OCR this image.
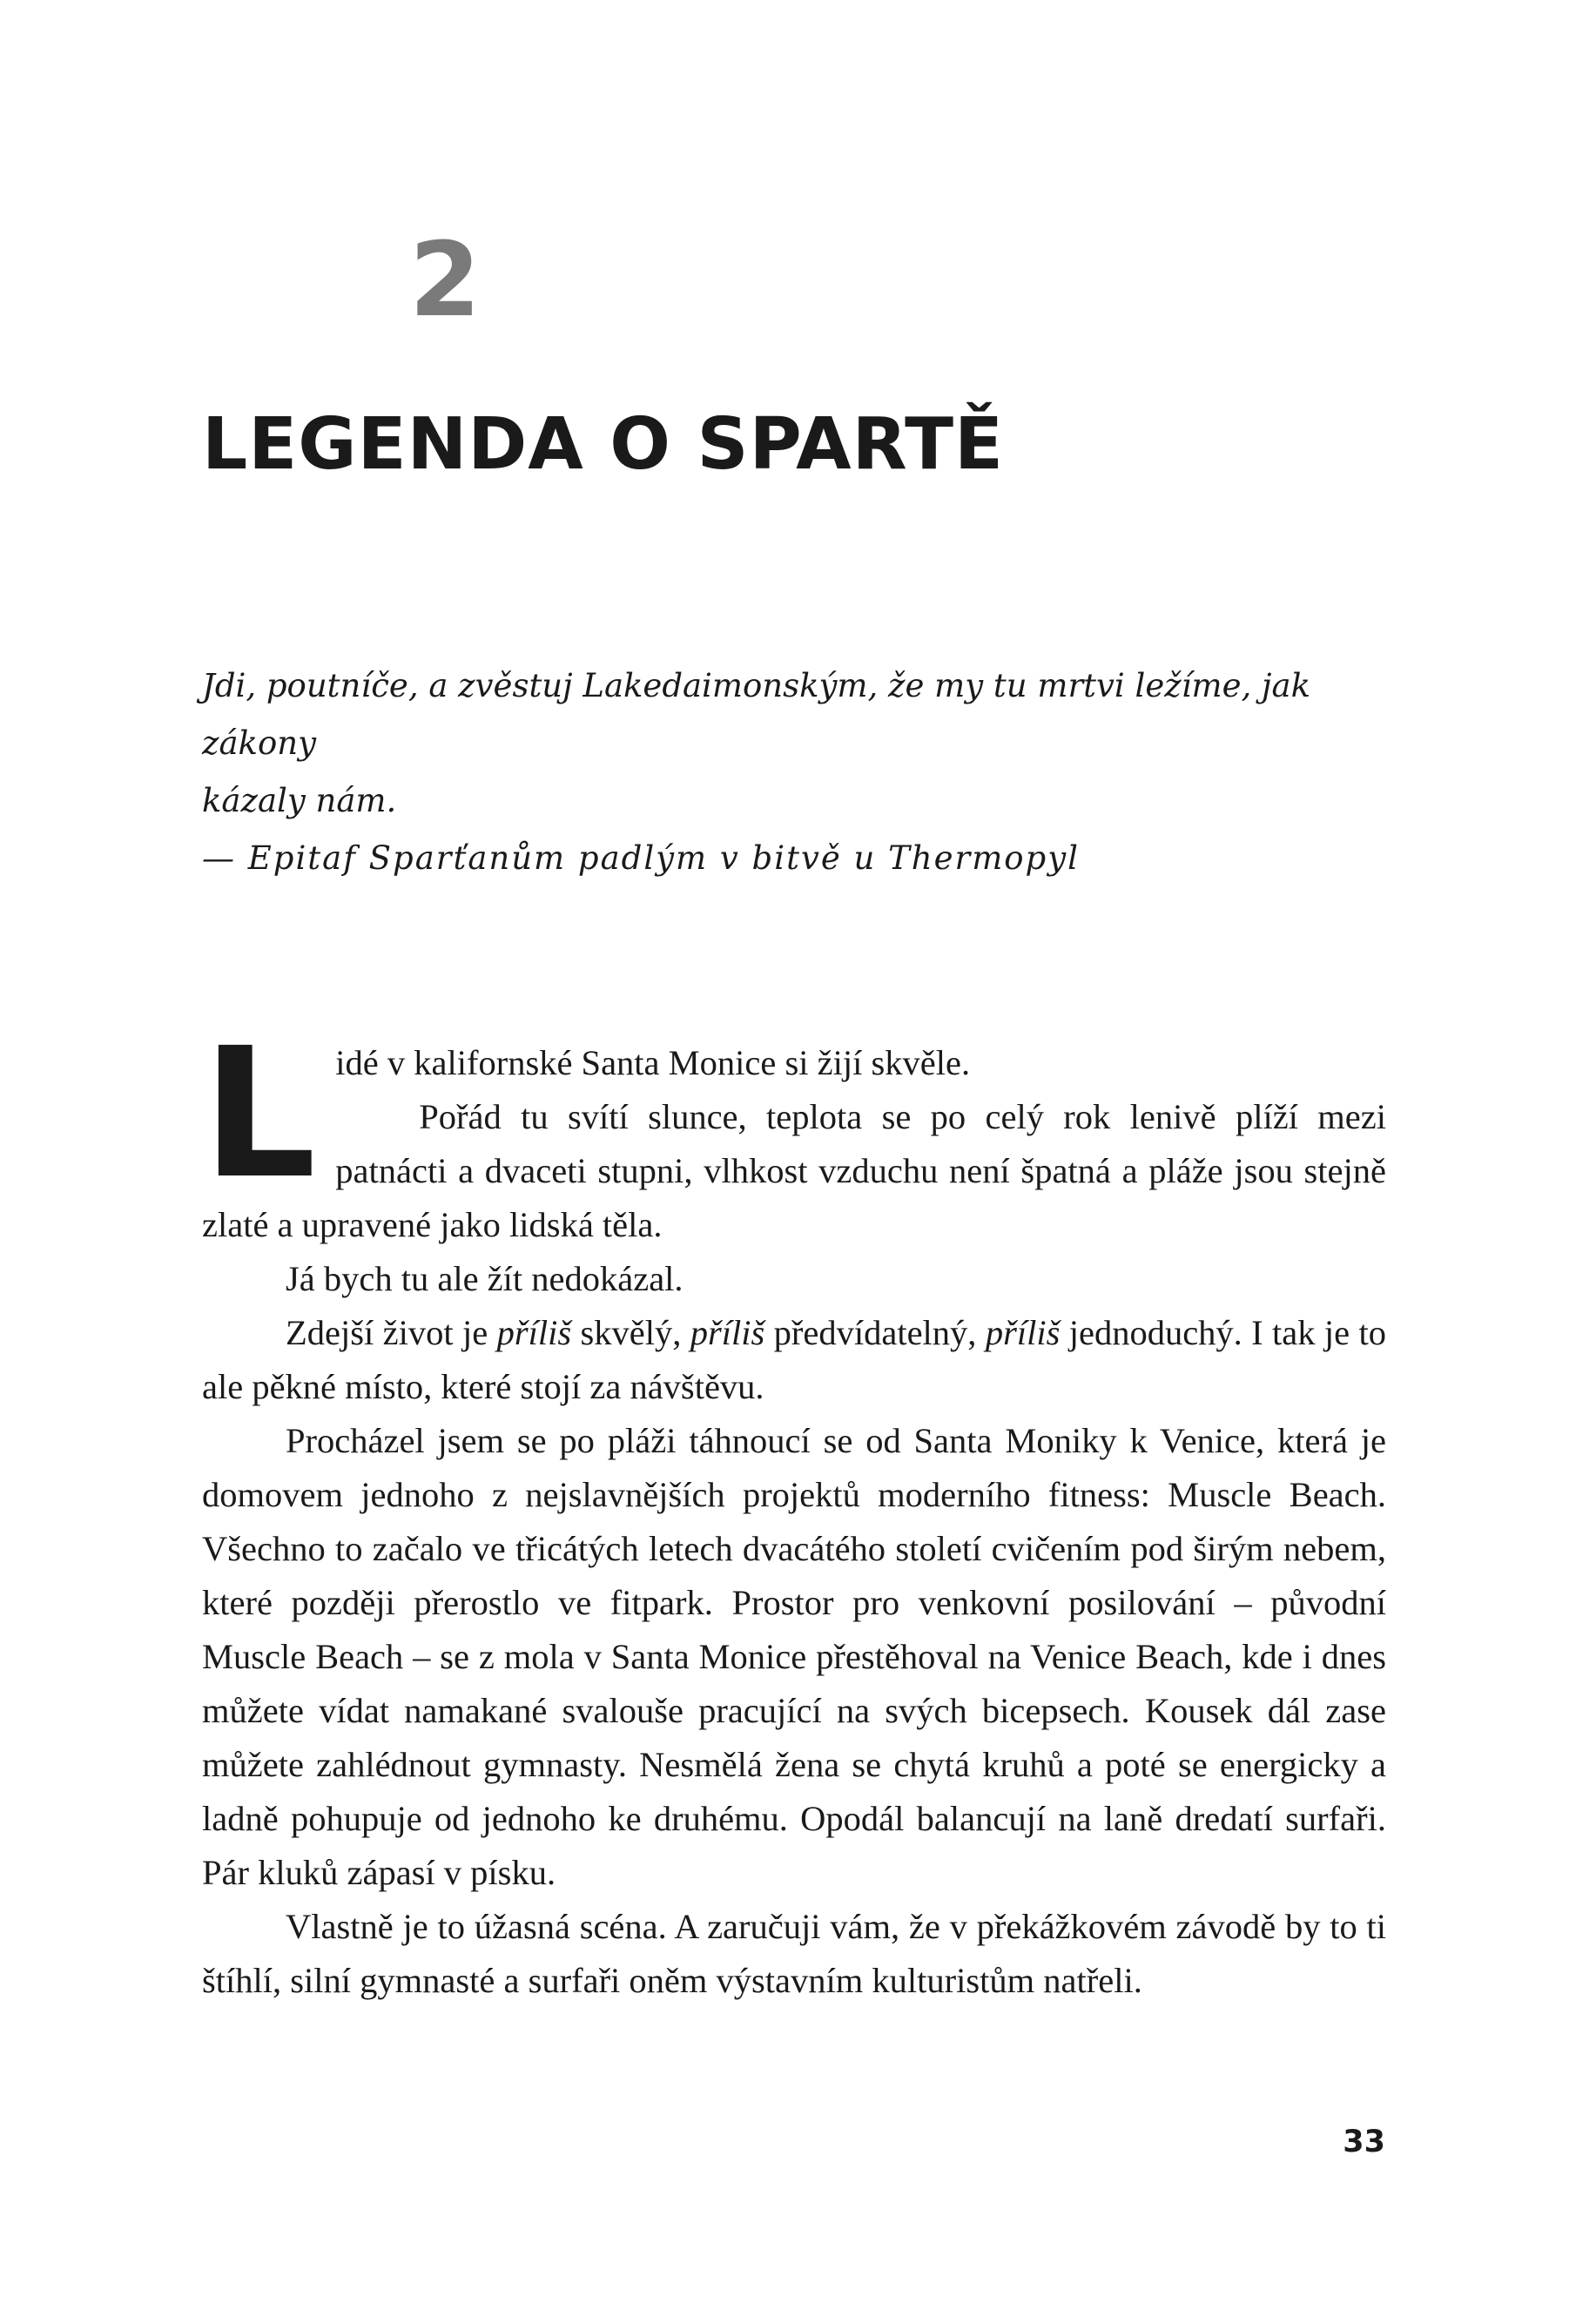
2
LEGENDA O SPARTĚ

Jdi, poutníče, a zvěstuj Lakedaimonským, že my tu mrtvi ležíme, jak zákony
kázaly nám.

— Epitaf Sparťanům padlým v bitvě u Thermopyl

L idé v kalifornské Santa Monice si žijí skvěle.

Pořád tu svítí slunce, teplota se po celý rok lenivě plíží mezi patnácti a dvaceti stupni, vlhkost vzduchu není špatná a pláže jsou stejně zlaté a upravené jako lidská těla.

Já bych tu ale žít nedokázal.

Zdejší život je příliš skvělý, příliš předvídatelný, příliš jednoduchý. I tak je to ale pěkné místo, které stojí za návštěvu.

Procházel jsem se po pláži táhnoucí se od Santa Moniky k Venice, která je domovem jednoho z nejslavnějších projektů moderního fitness: Muscle Beach. Všechno to začalo ve třicátých letech dvacátého století cvičením pod širým nebem, které později přerostlo ve fitpark. Prostor pro venkovní posilování – původní Muscle Beach – se z mola v Santa Monice přestěhoval na Venice Beach, kde i dnes můžete vídat namakané svalouše pracující na svých bicepsech. Kousek dál zase můžete zahlédnout gymnasty. Nesmělá žena se chytá kruhů a poté se energicky a ladně pohupuje od jednoho ke druhému. Opodál balancují na laně dredatí surfaři. Pár kluků zápasí v písku.

Vlastně je to úžasná scéna. A zaručuji vám, že v překážkovém závodě by to ti štíhlí, silní gymnasté a surfaři oněm výstavním kulturistům natřeli.

33
